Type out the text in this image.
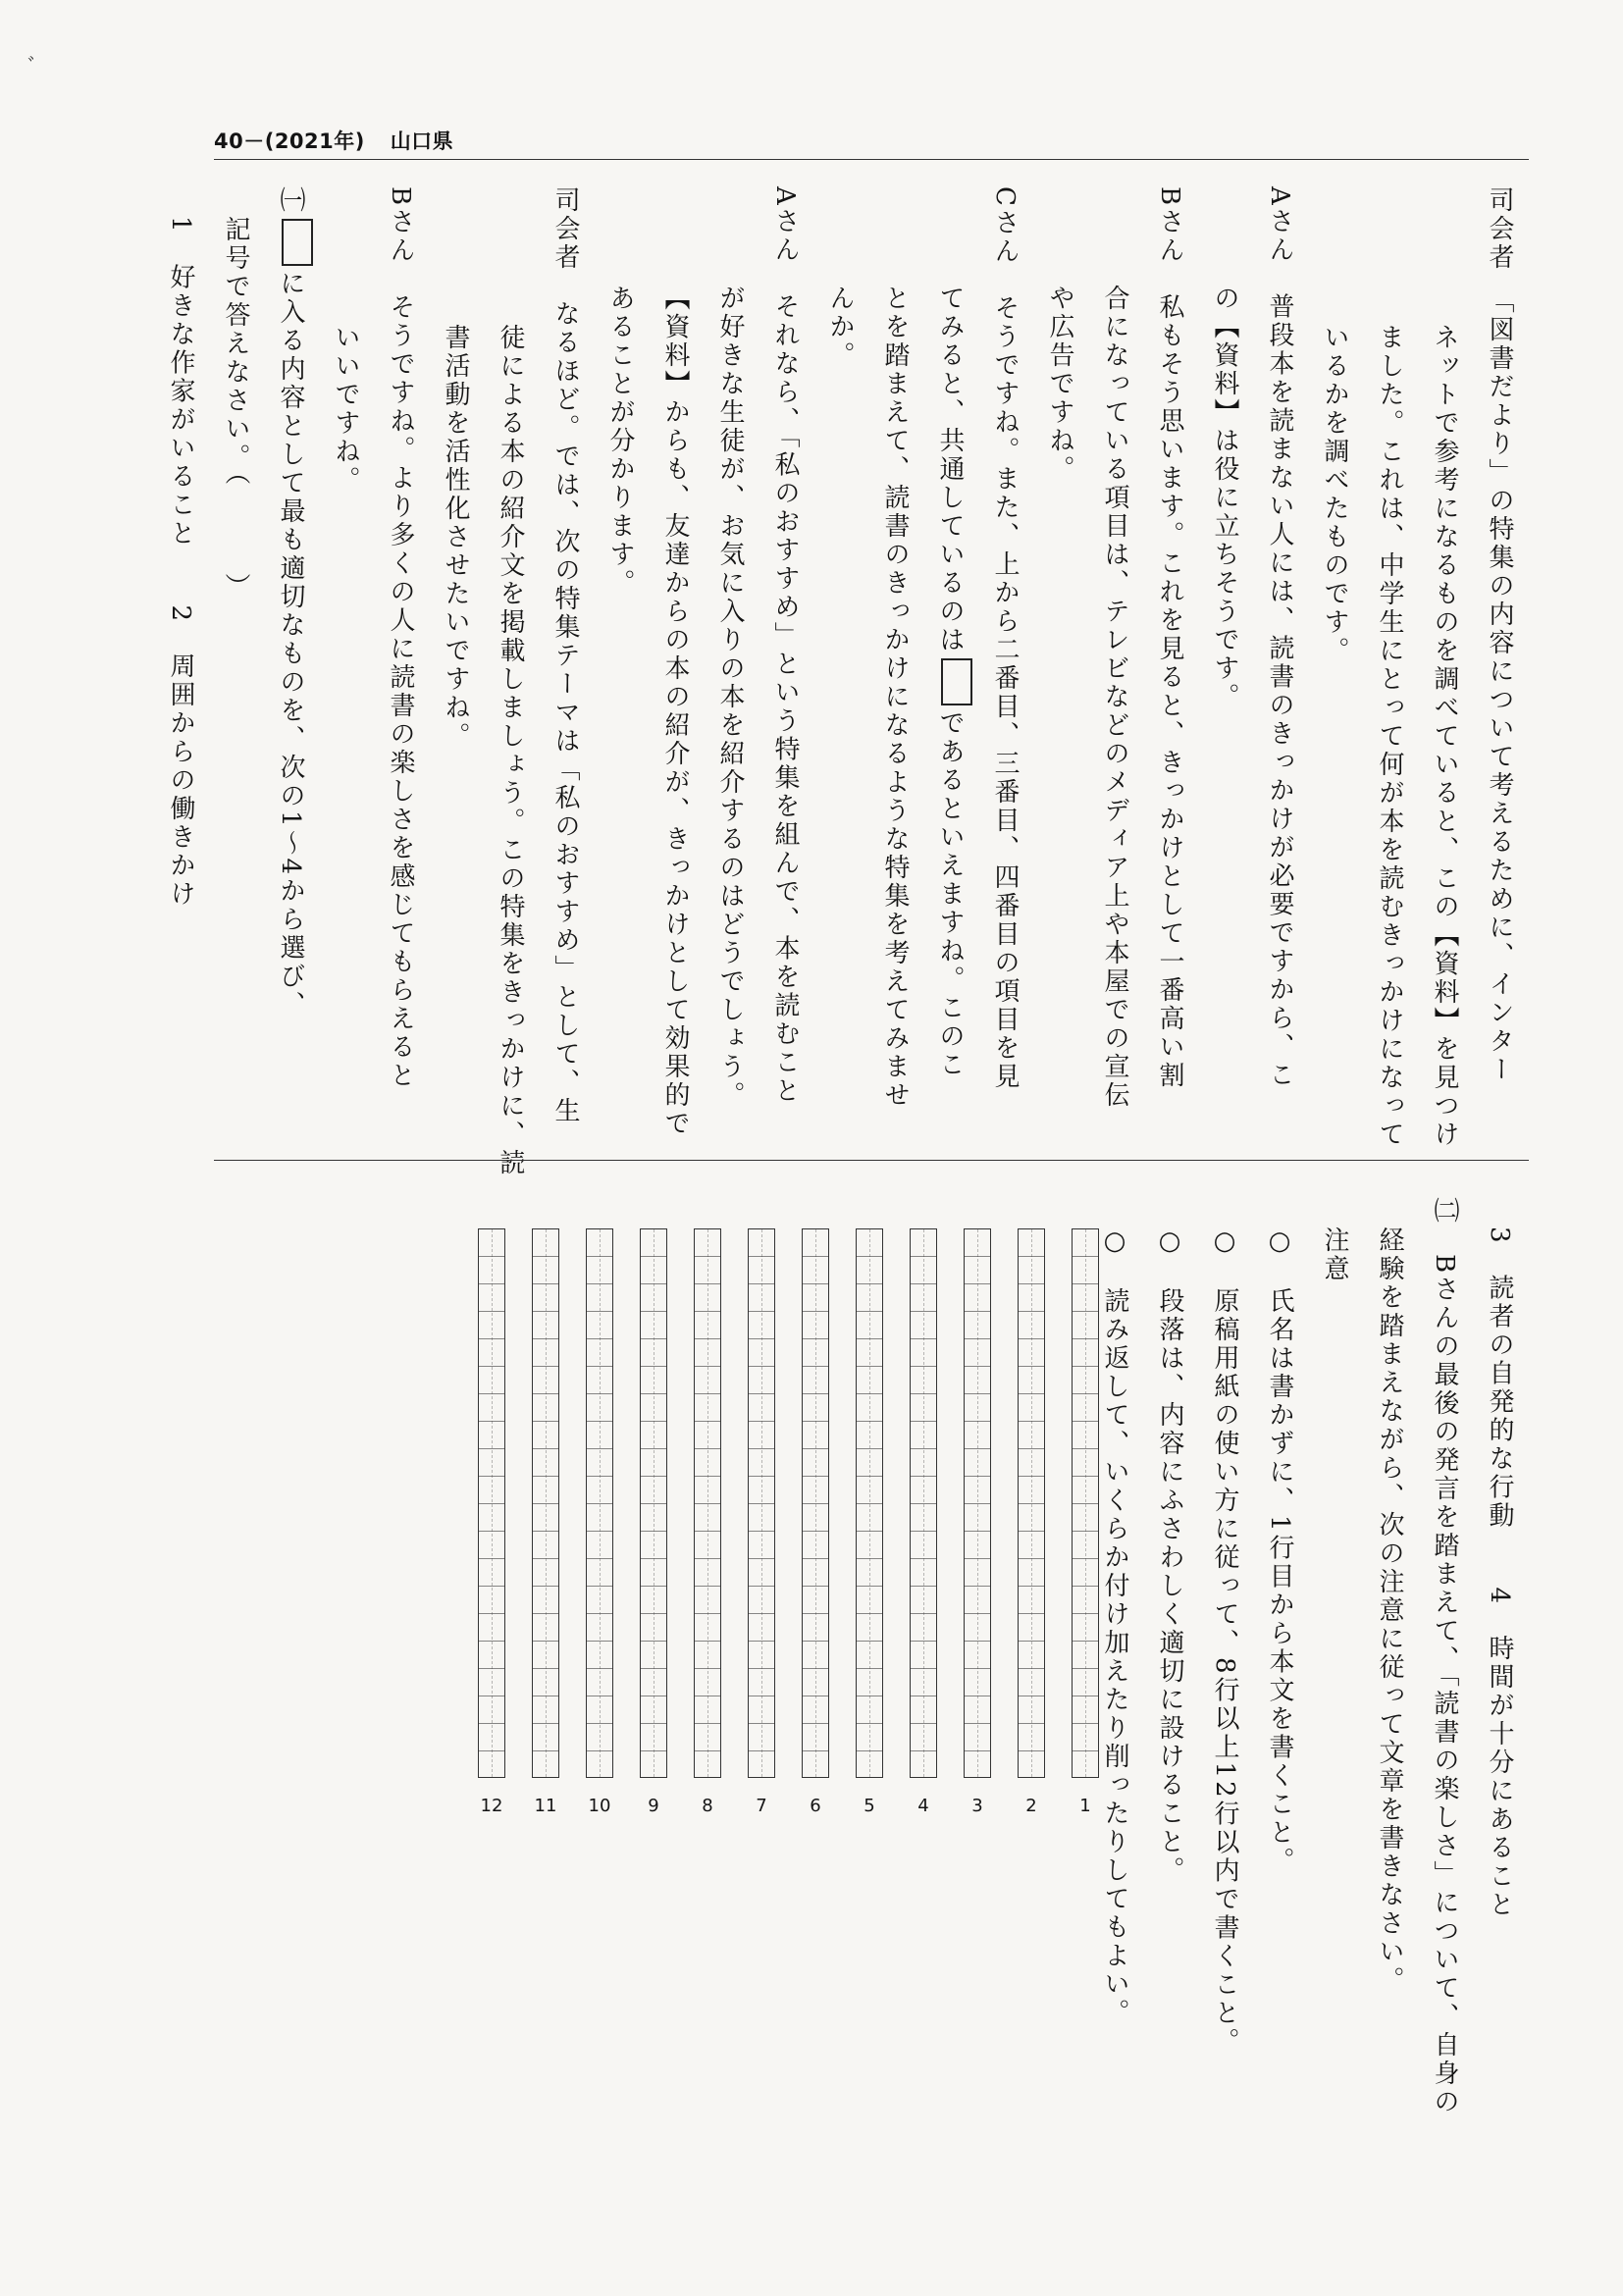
ﾞ
40－(2021年) 山口県
司会者　「図書だより」の特集の内容について考えるために、インター
ネットで参考になるものを調べていると、この【資料】を見つけ
ました。これは、中学生にとって何が本を読むきっかけになって
いるかを調べたものです。
Aさん　普段本を読まない人には、読書のきっかけが必要ですから、こ
の【資料】は役に立ちそうです。
Bさん　私もそう思います。これを見ると、きっかけとして一番高い割
合になっている項目は、テレビなどのメディア上や本屋での宣伝
や広告ですね。
Cさん　そうですね。また、上から二番目、三番目、四番目の項目を見
てみると、共通しているのはであるといえますね。このこ
とを踏まえて、読書のきっかけになるような特集を考えてみませ
んか。
Aさん　それなら、「私のおすすめ」という特集を組んで、本を読むこと
が好きな生徒が、お気に入りの本を紹介するのはどうでしょう。
【資料】からも、友達からの本の紹介が、きっかけとして効果的で
あることが分かります。
司会者　なるほど。では、次の特集テーマは「私のおすすめ」として、生
徒による本の紹介文を掲載しましょう。この特集をきっかけに、読
書活動を活性化させたいですね。
Bさん　そうですね。より多くの人に読書の楽しさを感じてもらえると
いいですね。
㈠に入る内容として最も適切なものを、次の1～4から選び、
記号で答えなさい。（　　　）
1　好きな作家がいること　　2　周囲からの働きかけ
3　読者の自発的な行動　　4　時間が十分にあること
㈡　Bさんの最後の発言を踏まえて、「読書の楽しさ」について、自身の
経験を踏まえながら、次の注意に従って文章を書きなさい。
注意
○　氏名は書かずに、1行目から本文を書くこと。
○　原稿用紙の使い方に従って、8行以上12行以内で書くこと。
○　段落は、内容にふさわしく適切に設けること。
○　読み返して、いくらか付け加えたり削ったりしてもよい。
1
2
3
4
5
6
7
8
9
10
11
12
